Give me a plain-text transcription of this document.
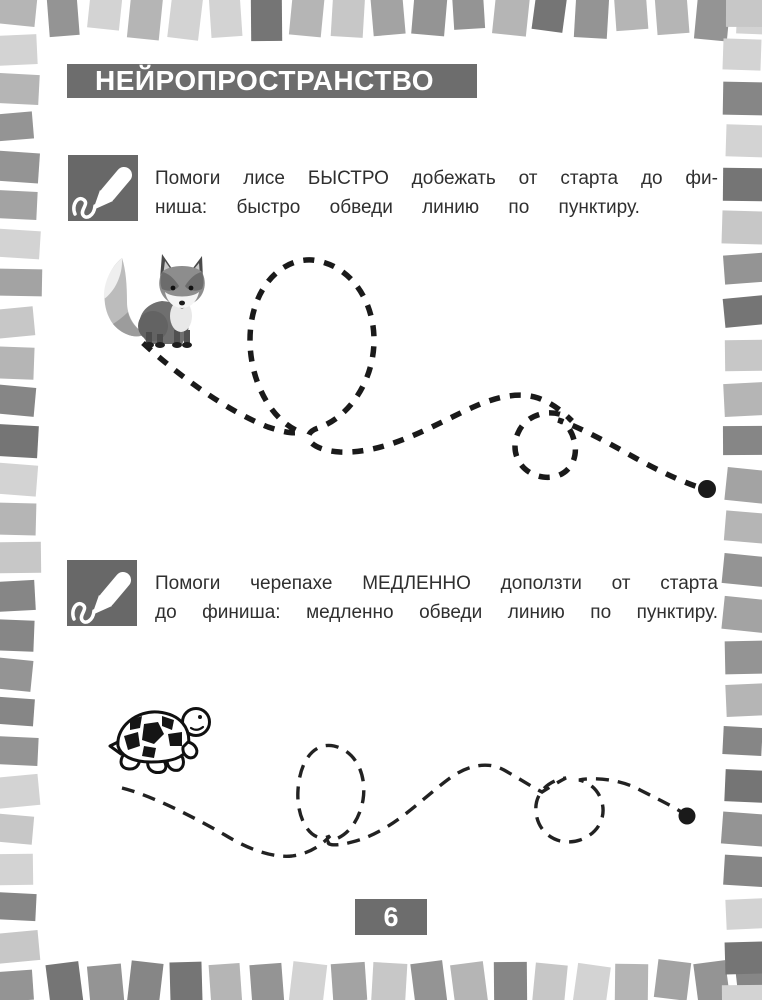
НЕЙРОПРОСТРАНСТВО
Помоги лисе БЫСТРО добежать от старта до фи-
ниша: быстро обведи линию по пунктиру.
Помоги черепахе МЕДЛЕННО доползти от старта
до финиша: медленно обведи линию по пунктиру.
6
